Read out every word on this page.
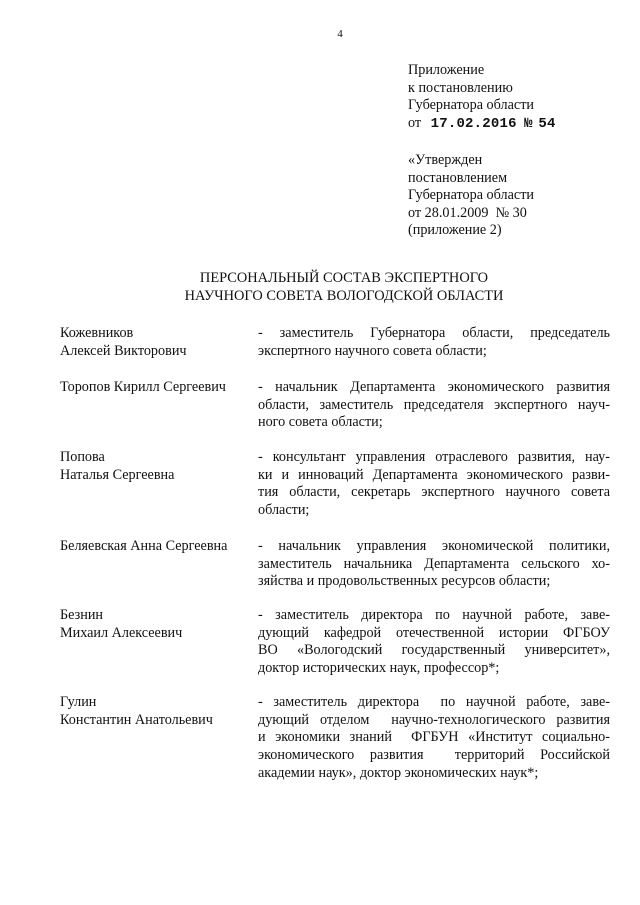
4
Приложение
к постановлению
Губернатора области
от 17.02.2016 № 54
«Утвержден
постановлением
Губернатора области
от 28.01.2009  № 30
(приложение 2)
ПЕРСОНАЛЬНЫЙ СОСТАВ ЭКСПЕРТНОГО
НАУЧНОГО СОВЕТА ВОЛОГОДСКОЙ ОБЛАСТИ
Кожевников
Алексей Викторович
- заместитель Губернатора области, председатель
экспертного научного совета области;
Торопов Кирилл Сергеевич	- начальник Департамента экономического развития
области, заместитель председателя экспертного науч-
ного совета области;
Попова
Наталья Сергеевна
- консультант управления отраслевого развития, нау-
ки и инноваций Департамента экономического разви-
тия области, секретарь экспертного научного совета
области;
Беляевская Анна Сергеевна	- начальник управления экономической политики,
заместитель начальника Департамента сельского хо-
зяйства и продовольственных ресурсов области;
Безнин
Михаил Алексеевич
- заместитель директора по научной работе, заве-
дующий кафедрой отечественной истории ФГБОУ
ВО «Вологодский государственный университет»,
доктор исторических наук, профессор*;
Гулин
Константин Анатольевич
- заместитель директора  по научной работе, заве-
дующий отделом  научно-технологического развития
и экономики знаний  ФГБУН «Институт социально-
экономического развития  территорий Российской
академии наук», доктор экономических наук*;
